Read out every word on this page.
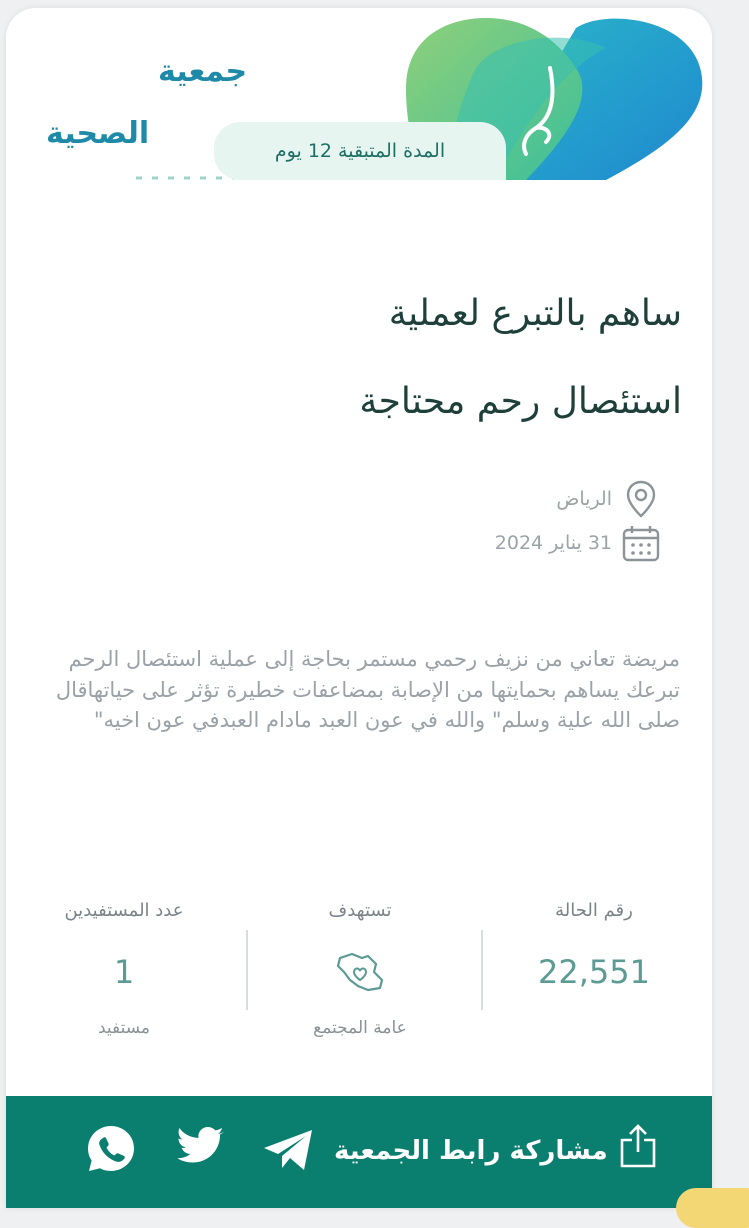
جمعية
الصحية	المدة المتبقية 12 يوم
ساهم بالتبرع لعملية
استئصال رحم محتاجة
الرياض
31 يناير 2024
مريضة تعاني من نزيف رحمي مستمر بحاجة إلى عملية استئصال الرحم تبرعك يساهم بحمايتها من الإصابة بمضاعفات خطيرة تؤثر على حياتهاقال صلى الله علية وسلم" والله في عون العبد مادام العبدفي عون اخيه"
رقم الحالة
22,551
تستهدف
عامة المجتمع
عدد المستفيدين
1
مستفيد
مشاركة رابط الجمعية
